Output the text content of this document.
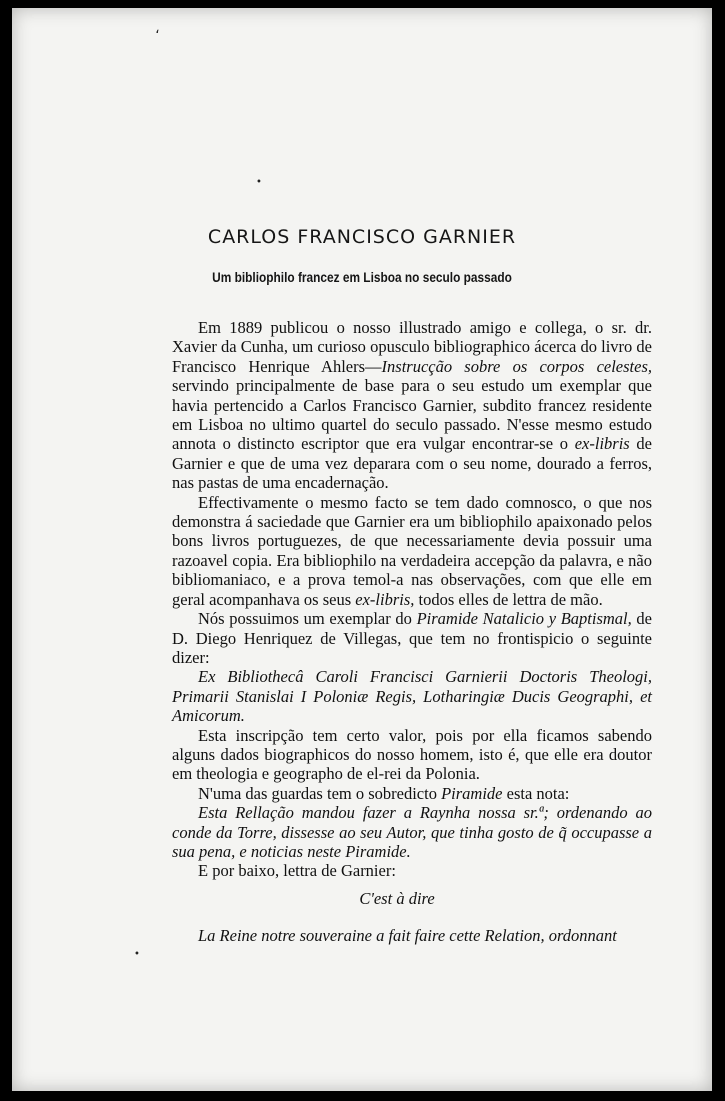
،
•
•
CARLOS FRANCISCO GARNIER
Um bibliophilo francez em Lisboa no seculo passado

Em 1889 publicou o nosso illustrado amigo e collega, o sr. dr. Xavier da Cunha, um curioso opusculo bibliographico ácerca do livro de Francisco Henrique Ahlers—Instrucção sobre os corpos celestes, servindo principalmente de base para o seu estudo um exemplar que havia pertencido a Carlos Francisco Garnier, subdito francez residente em Lisboa no ultimo quartel do seculo passado. N'esse mesmo estudo annota o distincto escriptor que era vulgar encontrar-se o ex-libris de Garnier e que de uma vez deparara com o seu nome, dourado a ferros, nas pastas de uma encadernação.

Effectivamente o mesmo facto se tem dado comnosco, o que nos demonstra á saciedade que Garnier era um bibliophilo apaixonado pelos bons livros portuguezes, de que necessariamente devia possuir uma razoavel copia. Era bibliophilo na verdadeira accepção da palavra, e não bibliomaniaco, e a prova temol-a nas observações, com que elle em geral acompanhava os seus ex-libris, todos elles de lettra de mão.

Nós possuimos um exemplar do Piramide Natalicio y Baptismal, de D. Diego Henriquez de Villegas, que tem no frontispicio o seguinte dizer:

Ex Bibliothecâ Caroli Francisci Garnierii Doctoris Theologi, Primarii Stanislai I Poloniæ Regis, Lotharingiæ Ducis Geographi, et Amicorum.

Esta inscripção tem certo valor, pois por ella ficamos sabendo alguns dados biographicos do nosso homem, isto é, que elle era doutor em theologia e geographo de el-rei da Polonia.

N'uma das guardas tem o sobredicto Piramide esta nota:

Esta Rellação mandou fazer a Raynha nossa sr.ª; ordenando ao conde da Torre, dissesse ao seu Autor, que tinha gosto de q̃ occupasse a sua pena, e noticias neste Piramide.

E por baixo, lettra de Garnier:

C'est à dire
La Reine notre souveraine a fait faire cette Relation, ordonnant
